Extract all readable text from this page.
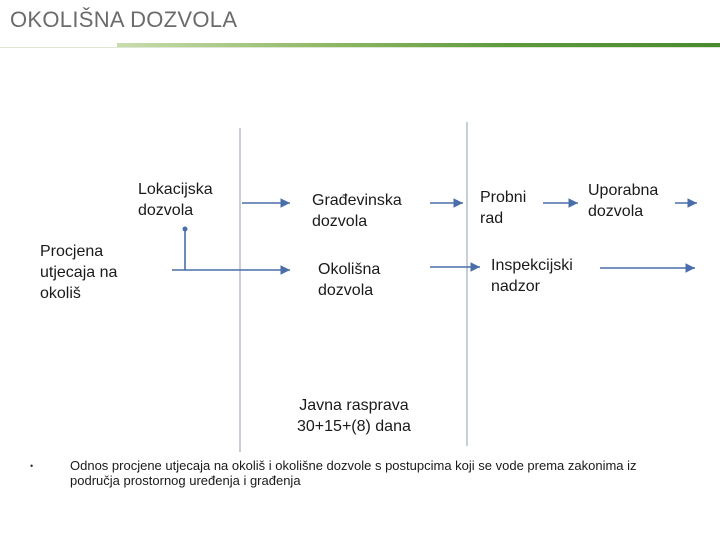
OKOLIŠNA DOZVOLA
Lokacijska
dozvola
Procjena
utjecaja na
okoliš
Građevinska
dozvola
Okolišna
dozvola
Probni
rad
Uporabna
dozvola
Inspekcijski
nadzor
Javna rasprava
30+15+(8) dana
•	Odnos procjene utjecaja na okoliš i okolišne dozvole s postupcima koji se vode prema zakonima iz područja prostornog uređenja i građenja
